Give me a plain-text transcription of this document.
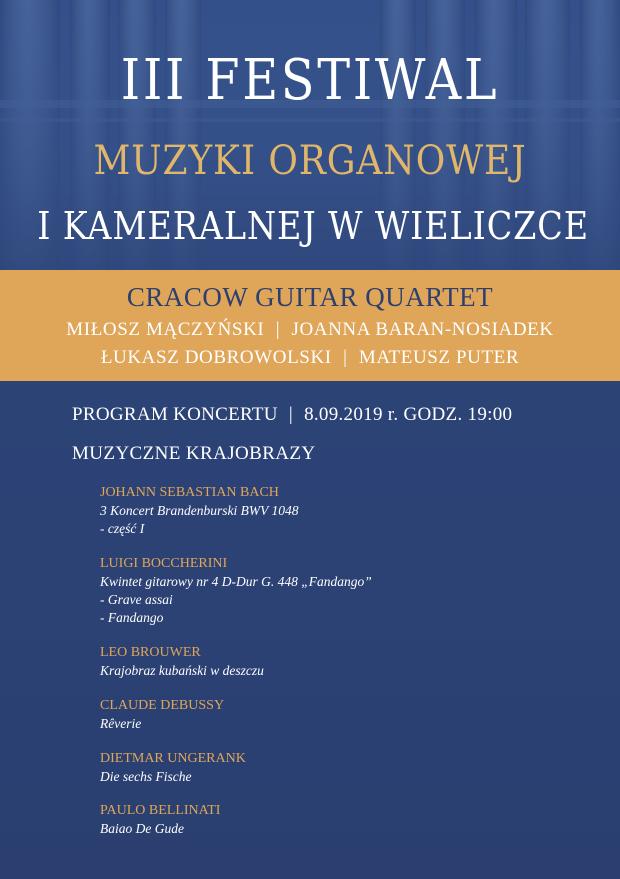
III FESTIWAL
MUZYKI ORGANOWEJ
I KAMERALNEJ W WIELICZCE
CRACOW GUITAR QUARTET
MIŁOSZ MĄCZYŃSKI | JOANNA BARAN-NOSIADEK
ŁUKASZ DOBROWOLSKI | MATEUSZ PUTER
PROGRAM KONCERTU | 8.09.2019 r. GODZ. 19:00
MUZYCZNE KRAJOBRAZY
JOHANN SEBASTIAN BACH
3 Koncert Brandenburski BWV 1048
- część I
LUIGI BOCCHERINI
Kwintet gitarowy nr 4 D-Dur G. 448 „Fandango”
- Grave assai
- Fandango
LEO BROUWER
Krajobraz kubański w deszczu
CLAUDE DEBUSSY
Rêverie
DIETMAR UNGERANK
Die sechs Fische
PAULO BELLINATI
Baiao De Gude
